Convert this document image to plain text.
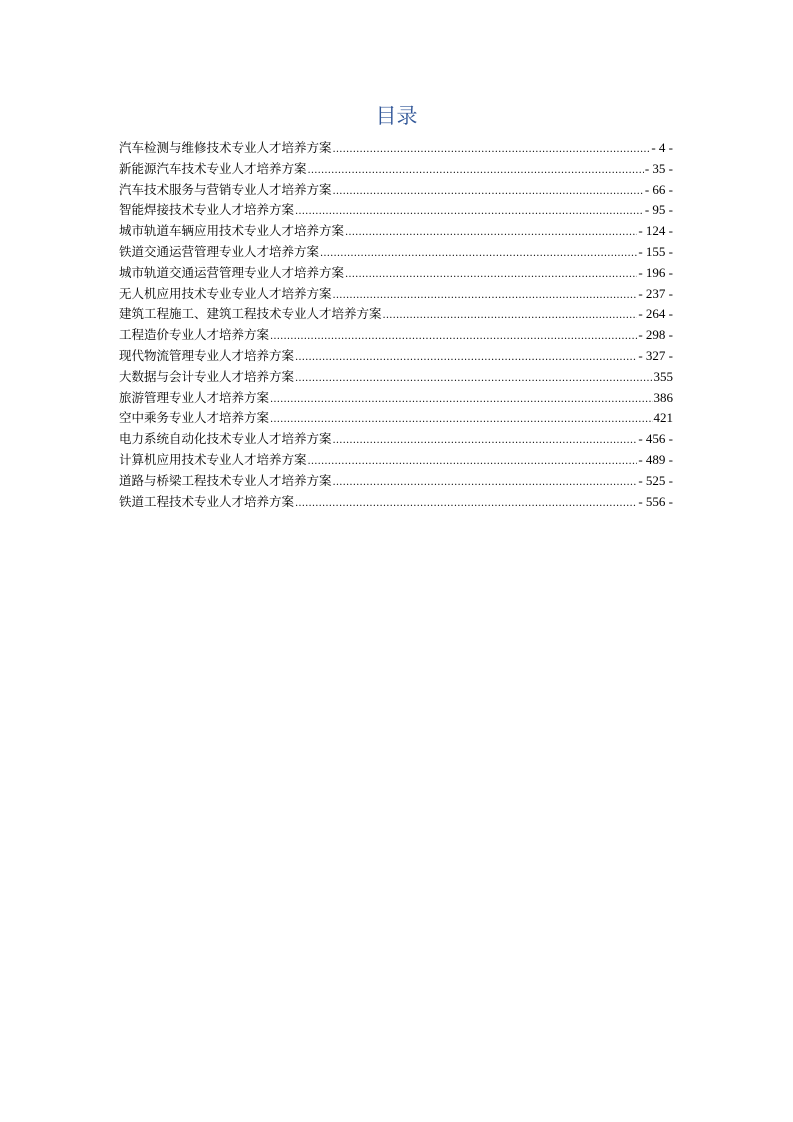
目录
汽车检测与维修技术专业人才培养方案 .....	- 4 -
新能源汽车技术专业人才培养方案 .....	- 35 -
汽车技术服务与营销专业人才培养方案 .....	- 66 -
智能焊接技术专业人才培养方案 .....	- 95 -
城市轨道车辆应用技术专业人才培养方案 .....	- 124 -
铁道交通运营管理专业人才培养方案 .....	- 155 -
城市轨道交通运营管理专业人才培养方案 .....	- 196 -
无人机应用技术专业专业人才培养方案 .....	- 237 -
建筑工程施工、建筑工程技术专业人才培养方案 .....	- 264 -
工程造价专业人才培养方案 .....	- 298 -
现代物流管理专业人才培养方案 .....	- 327 -
大数据与会计专业人才培养方案 .....	355
旅游管理专业人才培养方案 .....	386
空中乘务专业人才培养方案 .....	421
电力系统自动化技术专业人才培养方案 .....	- 456 -
计算机应用技术专业人才培养方案 .....	- 489 -
道路与桥梁工程技术专业人才培养方案 .....	- 525 -
铁道工程技术专业人才培养方案 .....	- 556 -
